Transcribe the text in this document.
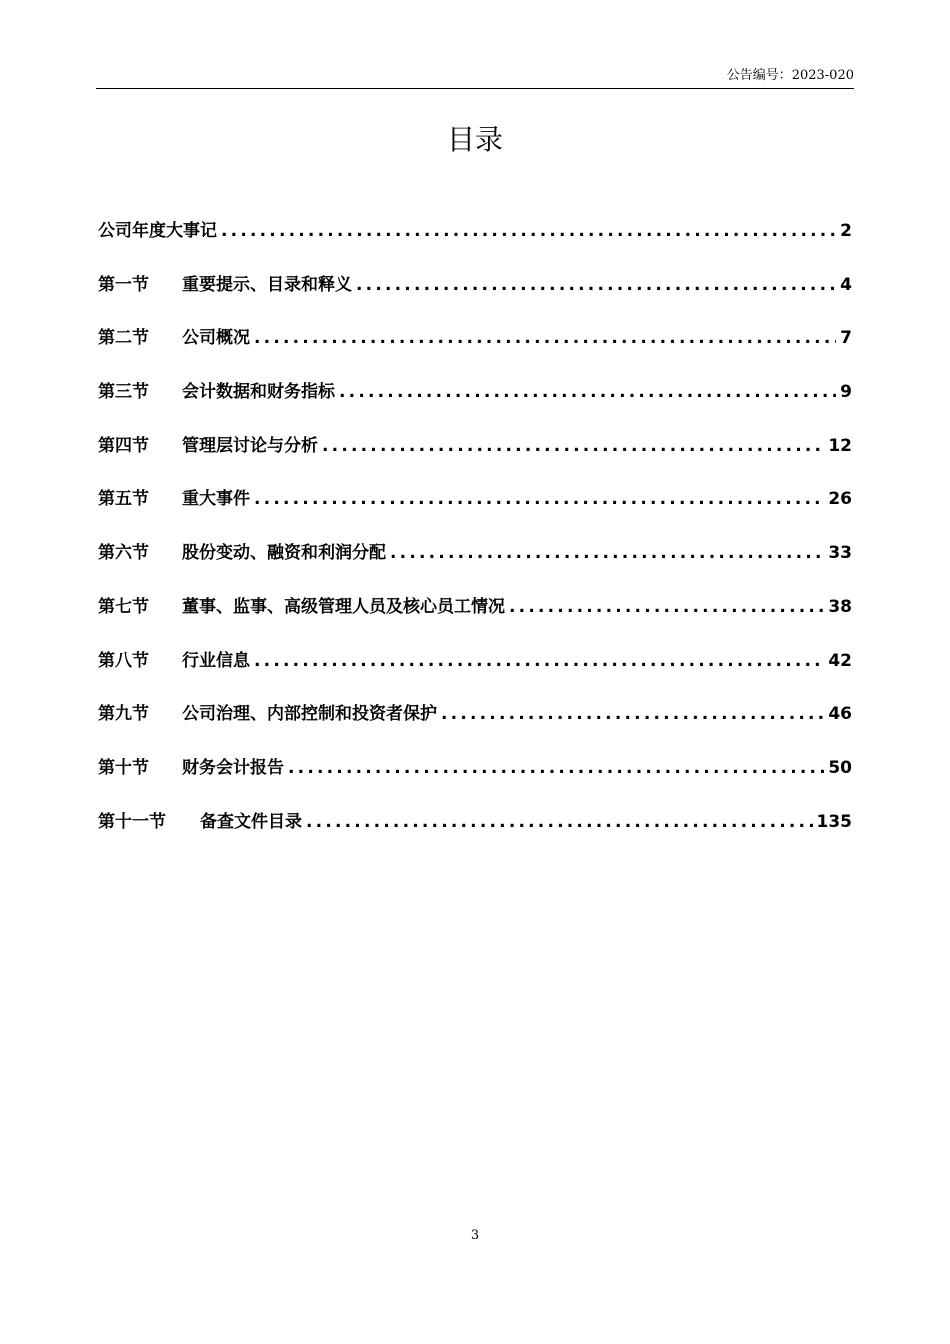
公告编号：2023-020
目录
公司年度大事记 .....	2
第一节	重要提示、目录和释义 .....	4
第二节	公司概况 .....	7
第三节	会计数据和财务指标 .....	9
第四节	管理层讨论与分析 .....	12
第五节	重大事件 .....	26
第六节	股份变动、融资和利润分配 .....	33
第七节	董事、监事、高级管理人员及核心员工情况 .....	38
第八节	行业信息 .....	42
第九节	公司治理、内部控制和投资者保护 .....	46
第十节	财务会计报告 .....	50
第十一节	备查文件目录 .....	135
3
